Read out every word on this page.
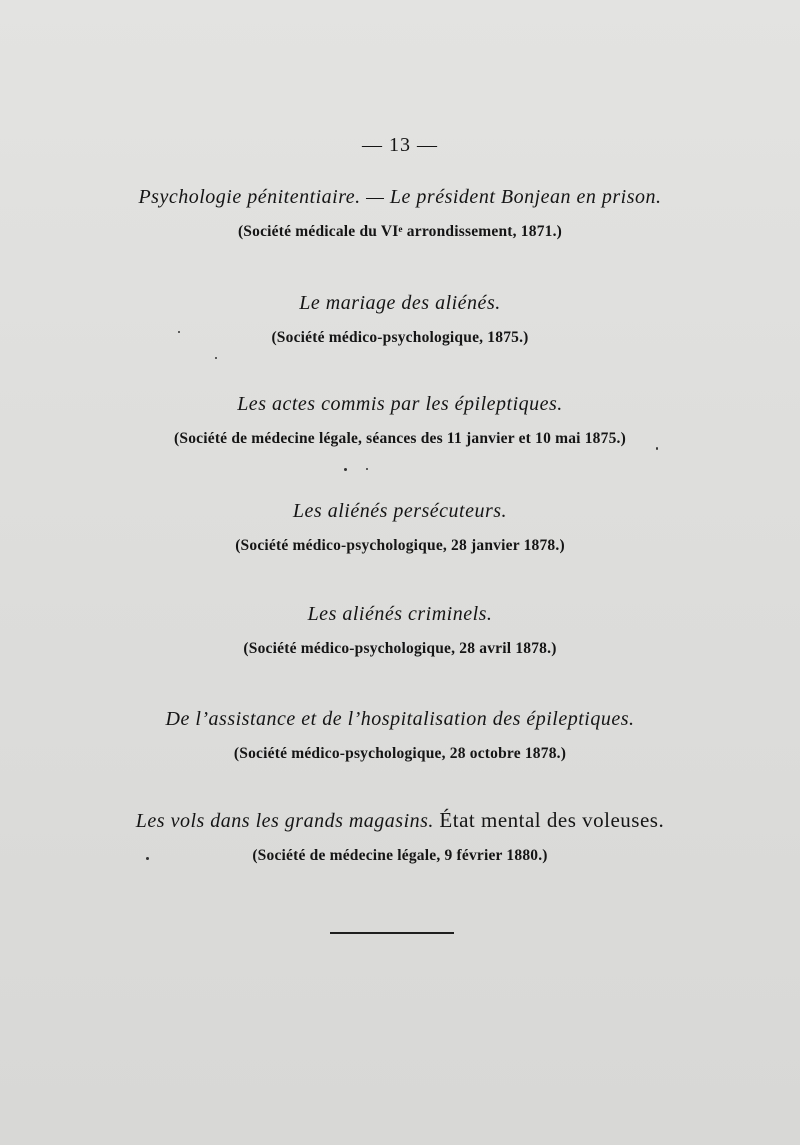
— 13 —
Psychologie pénitentiaire. — Le président Bonjean en prison.
(Société médicale du VIᵉ arrondissement, 1871.)
Le mariage des aliénés.
(Société médico-psychologique, 1875.)
Les actes commis par les épileptiques.
(Société de médecine légale, séances des 11 janvier et 10 mai 1875.)
Les aliénés persécuteurs.
(Société médico-psychologique, 28 janvier 1878.)
Les aliénés criminels.
(Société médico-psychologique, 28 avril 1878.)
De l’assistance et de l’hospitalisation des épileptiques.
(Société médico-psychologique, 28 octobre 1878.)
Les vols dans les grands magasins. État mental des voleuses.
(Société de médecine légale, 9 février 1880.)
